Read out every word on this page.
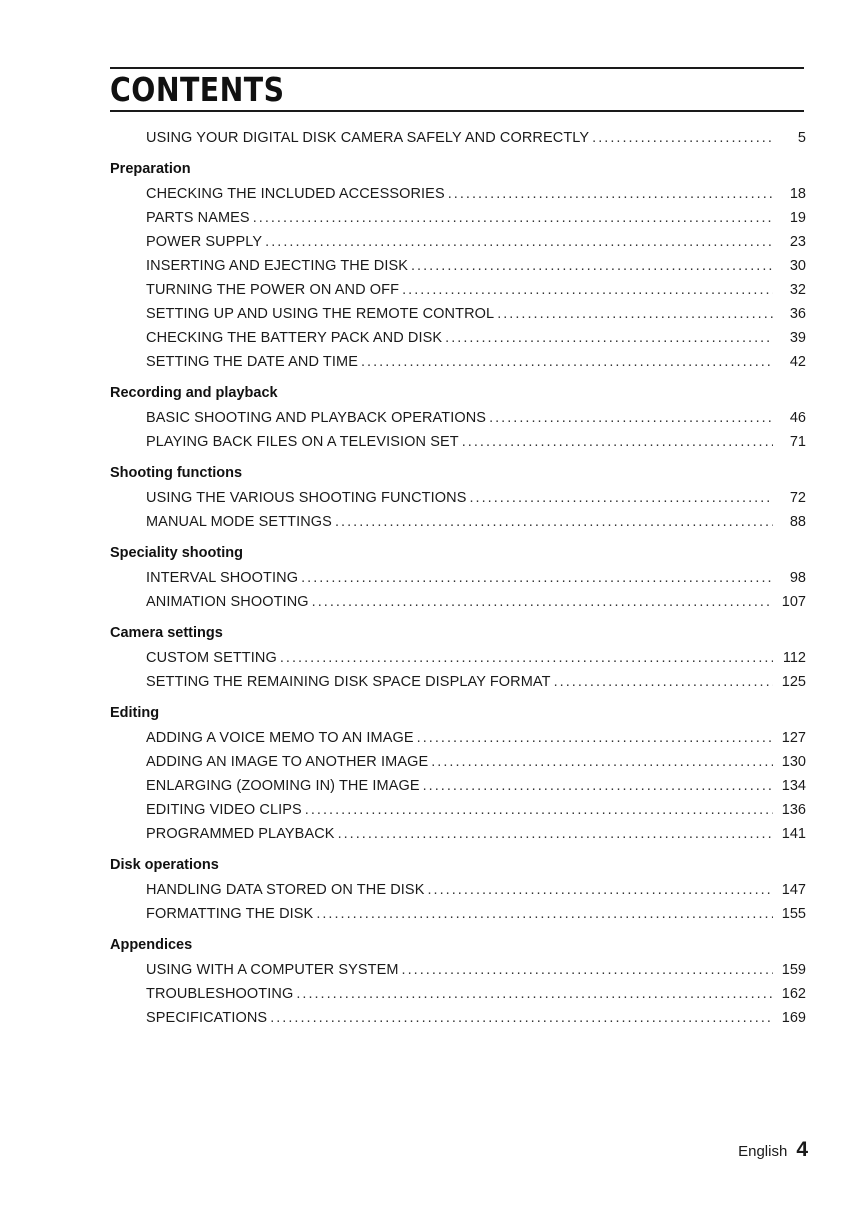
CONTENTS
USING YOUR DIGITAL DISK CAMERA SAFELY AND CORRECTLY . . .	5
Preparation
CHECKING THE INCLUDED ACCESSORIES . . .	18
PARTS NAMES . . .	19
POWER SUPPLY . . .	23
INSERTING AND EJECTING THE DISK . . .	30
TURNING THE POWER ON AND OFF . . .	32
SETTING UP AND USING THE REMOTE CONTROL . . .	36
CHECKING THE BATTERY PACK AND DISK . . .	39
SETTING THE DATE AND TIME . . .	42
Recording and playback
BASIC SHOOTING AND PLAYBACK OPERATIONS . . .	46
PLAYING BACK FILES ON A TELEVISION SET . . .	71
Shooting functions
USING THE VARIOUS SHOOTING FUNCTIONS . . .	72
MANUAL MODE SETTINGS . . .	88
Speciality shooting
INTERVAL SHOOTING . . .	98
ANIMATION SHOOTING . . .	107
Camera settings
CUSTOM SETTING . . .	112
SETTING THE REMAINING DISK SPACE DISPLAY FORMAT . . .	125
Editing
ADDING A VOICE MEMO TO AN IMAGE . . .	127
ADDING AN IMAGE TO ANOTHER IMAGE . . .	130
ENLARGING (ZOOMING IN) THE IMAGE . . .	134
EDITING VIDEO CLIPS . . .	136
PROGRAMMED PLAYBACK . . .	141
Disk operations
HANDLING DATA STORED ON THE DISK . . .	147
FORMATTING THE DISK . . .	155
Appendices
USING WITH A COMPUTER SYSTEM . . .	159
TROUBLESHOOTING . . .	162
SPECIFICATIONS . . .	169
English 4
